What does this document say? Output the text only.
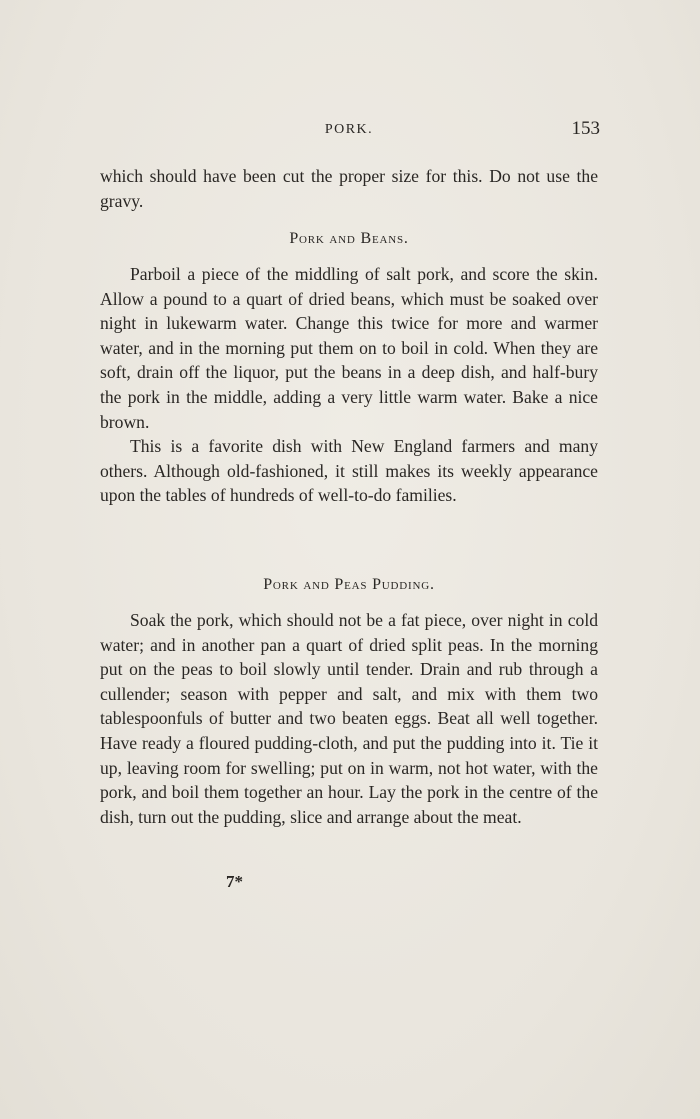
PORK.	153

which should have been cut the proper size for this. Do not use the gravy.

Pork and Beans.

Parboil a piece of the middling of salt pork, and score the skin. Allow a pound to a quart of dried beans, which must be soaked over night in lukewarm water. Change this twice for more and warmer water, and in the morning put them on to boil in cold. When they are soft, drain off the liquor, put the beans in a deep dish, and half-bury the pork in the middle, adding a very little warm water. Bake a nice brown.

This is a favorite dish with New England farmers and many others. Although old-fashioned, it still makes its weekly appearance upon the tables of hundreds of well-to-do families.

Pork and Peas Pudding.

Soak the pork, which should not be a fat piece, over night in cold water; and in another pan a quart of dried split peas. In the morning put on the peas to boil slowly until tender. Drain and rub through a cullender; season with pepper and salt, and mix with them two tablespoonfuls of butter and two beaten eggs. Beat all well together. Have ready a floured pudding-cloth, and put the pudding into it. Tie it up, leaving room for swelling; put on in warm, not hot water, with the pork, and boil them together an hour. Lay the pork in the centre of the dish, turn out the pudding, slice and arrange about the meat.

7*
